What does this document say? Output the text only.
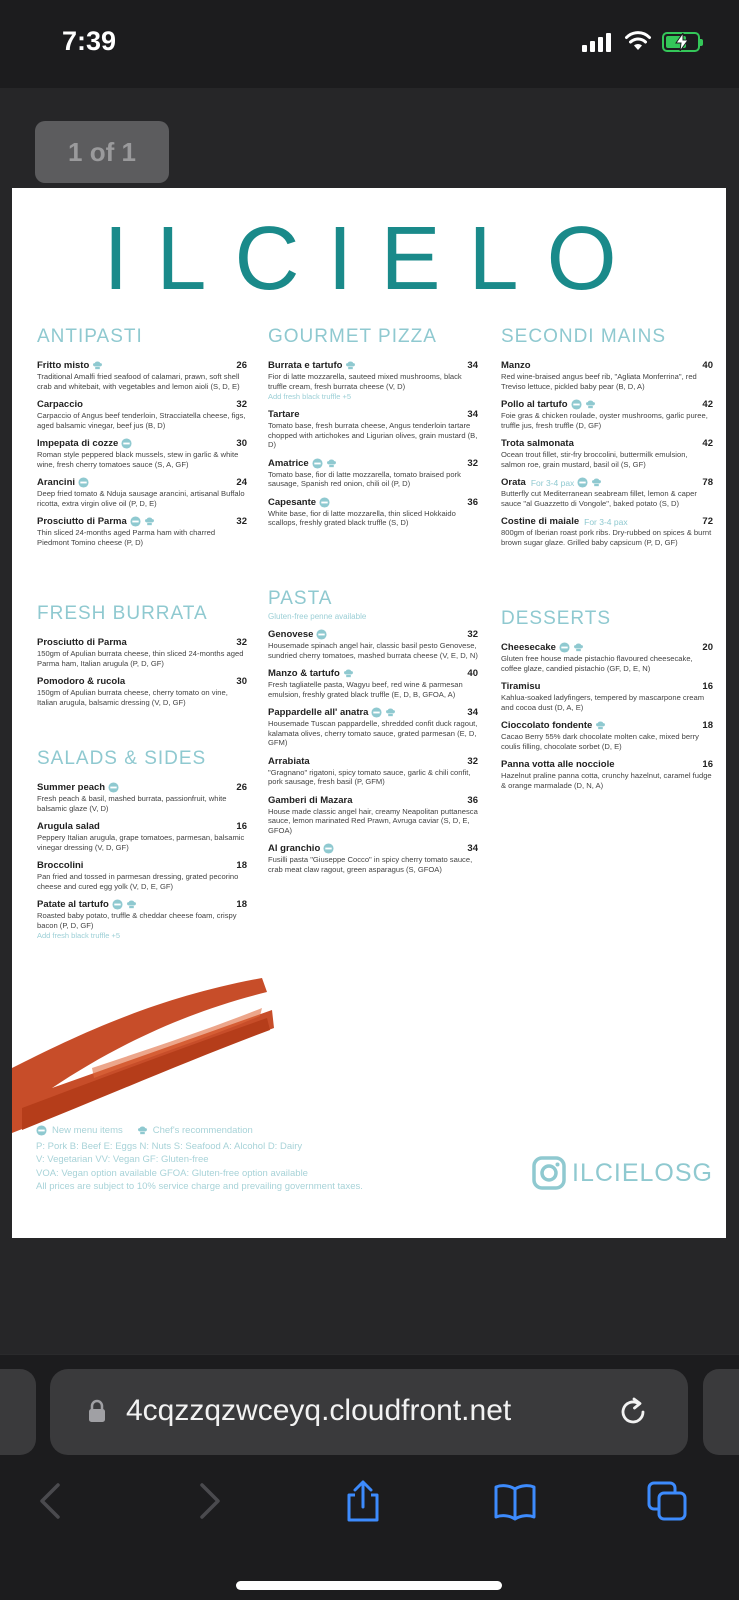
7:39
1 of 1
ILCIELO
ANTIPASTI
Fritto misto	26
Traditional Amalfi fried seafood of calamari, prawn, soft shell crab and whitebait, with vegetables and lemon aioli (S, D, E)
Carpaccio	32
Carpaccio of Angus beef tenderloin, Stracciatella cheese, figs, aged balsamic vinegar, beef jus (B, D)
Impepata di cozze	30
Roman style peppered black mussels, stew in garlic & white wine, fresh cherry tomatoes sauce (S, A, GF)
Arancini	24
Deep fried tomato & Nduja sausage arancini, artisanal Buffalo ricotta, extra virgin olive oil (P, D, E)
Prosciutto di Parma	32
Thin sliced 24-months aged Parma ham with charred Piedmont Tomino cheese (P, D)
FRESH BURRATA
Prosciutto di Parma	32
150gm of Apulian burrata cheese, thin sliced 24-months aged Parma ham, Italian arugula (P, D, GF)
Pomodoro & rucola	30
150gm of Apulian burrata cheese, cherry tomato on vine, Italian arugula, balsamic dressing (V, D, GF)
SALADS & SIDES
Summer peach	26
Fresh peach & basil, mashed burrata, passionfruit, white balsamic glaze (V, D)
Arugula salad	16
Peppery Italian arugula, grape tomatoes, parmesan, balsamic vinegar dressing (V, D, GF)
Broccolini	18
Pan fried and tossed in parmesan dressing, grated pecorino cheese and cured egg yolk (V, D, E, GF)
Patate al tartufo	18
Roasted baby potato, truffle & cheddar cheese foam, crispy bacon (P, D, GF)
Add fresh black truffle +5
GOURMET PIZZA
Burrata e tartufo	34
Fior di latte mozzarella, sauteed mixed mushrooms, black truffle cream, fresh burrata cheese (V, D)
Add fresh black truffle +5
Tartare	34
Tomato base, fresh burrata cheese, Angus tenderloin tartare chopped with artichokes and Ligurian olives, grain mustard (B, D)
Amatrice	32
Tomato base, fior di latte mozzarella, tomato braised pork sausage, Spanish red onion, chili oil (P, D)
Capesante	36
White base, fior di latte mozzarella, thin sliced Hokkaido scallops, freshly grated black truffle (S, D)
PASTA
Gluten-free penne available
Genovese	32
Housemade spinach angel hair, classic basil pesto Genovese, sundried cherry tomatoes, mashed burrata cheese (V, E, D, N)
Manzo & tartufo	40
Fresh tagliatelle pasta, Wagyu beef, red wine & parmesan emulsion, freshly grated black truffle (E, D, B, GFOA, A)
Pappardelle all' anatra	34
Housemade Tuscan pappardelle, shredded confit duck ragout, kalamata olives, cherry tomato sauce, grated parmesan (E, D, GFM)
Arrabiata	32
"Gragnano" rigatoni, spicy tomato sauce, garlic & chili confit, pork sausage, fresh basil (P, GFM)
Gamberi di Mazara	36
House made classic angel hair, creamy Neapolitan puttanesca sauce, lemon marinated Red Prawn, Avruga caviar (S, D, E, GFOA)
Al granchio	34
Fusilli pasta "Giuseppe Cocco" in spicy cherry tomato sauce, crab meat claw ragout, green asparagus (S, GFOA)
SECONDI MAINS
Manzo	40
Red wine-braised angus beef rib, "Agliata Monferrina", red Treviso lettuce, pickled baby pear (B, D, A)
Pollo al tartufo	42
Foie gras & chicken roulade, oyster mushrooms, garlic puree, truffle jus, fresh truffle (D, GF)
Trota salmonata	42
Ocean trout fillet, stir-fry broccolini, buttermilk emulsion, salmon roe, grain mustard, basil oil (S, GF)
Orata For 3-4 pax	78
Butterfly cut Mediterranean seabream fillet, lemon & caper sauce "al Guazzetto di Vongole", baked potato (S, D)
Costine di maiale For 3-4 pax	72
800gm of Iberian roast pork ribs. Dry-rubbed on spices & burnt brown sugar glaze. Grilled baby capsicum (P, D, GF)
DESSERTS
Cheesecake	20
Gluten free house made pistachio flavoured cheesecake, coffee glaze, candied pistachio (GF, D, E, N)
Tiramisu	16
Kahlua-soaked ladyfingers, tempered by mascarpone cream and cocoa dust (D, A, E)
Cioccolato fondente	18
Cacao Berry 55% dark chocolate molten cake, mixed berry coulis filling, chocolate sorbet (D, E)
Panna votta alle nocciole	16
Hazelnut praline panna cotta, crunchy hazelnut, caramel fudge & orange marmalade (D, N, A)
New menu items	Chef's recommendation
P: Pork B: Beef E: Eggs N: Nuts S: Seafood A: Alcohol D: Dairy
V: Vegetarian VV: Vegan GF: Gluten-free
VOA: Vegan option available GFOA: Gluten-free option available
All prices are subject to 10% service charge and prevailing government taxes.	ILCIELOSG
4cqzzqzwceyq.cloudfront.net
